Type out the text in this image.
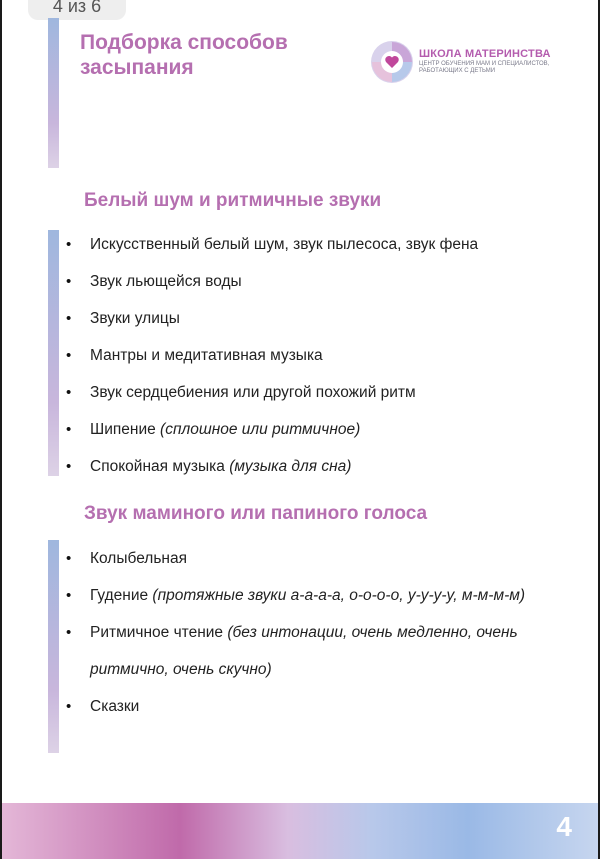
4 из 6
Подборка способов засыпания
ШКОЛА МАТЕРИНСТВА
ЦЕНТР ОБУЧЕНИЯ МАМ И СПЕЦИАЛИСТОВ, РАБОТАЮЩИХ С ДЕТЬМИ
Белый шум и ритмичные звуки
• Искусственный белый шум, звук пылесоса, звук фена
• Звук льющейся воды
• Звуки улицы
• Мантры и медитативная музыка
• Звук сердцебиения или другой похожий ритм
• Шипение (сплошное или ритмичное)
• Спокойная музыка (музыка для сна)
Звук маминого или папиного голоса
• Колыбельная
• Гудение (протяжные звуки а-а-а-а, о-о-о-о, у-у-у-у, м-м-м-м)
• Ритмичное чтение (без интонации, очень медленно, очень ритмично, очень скучно)
• Сказки
4
